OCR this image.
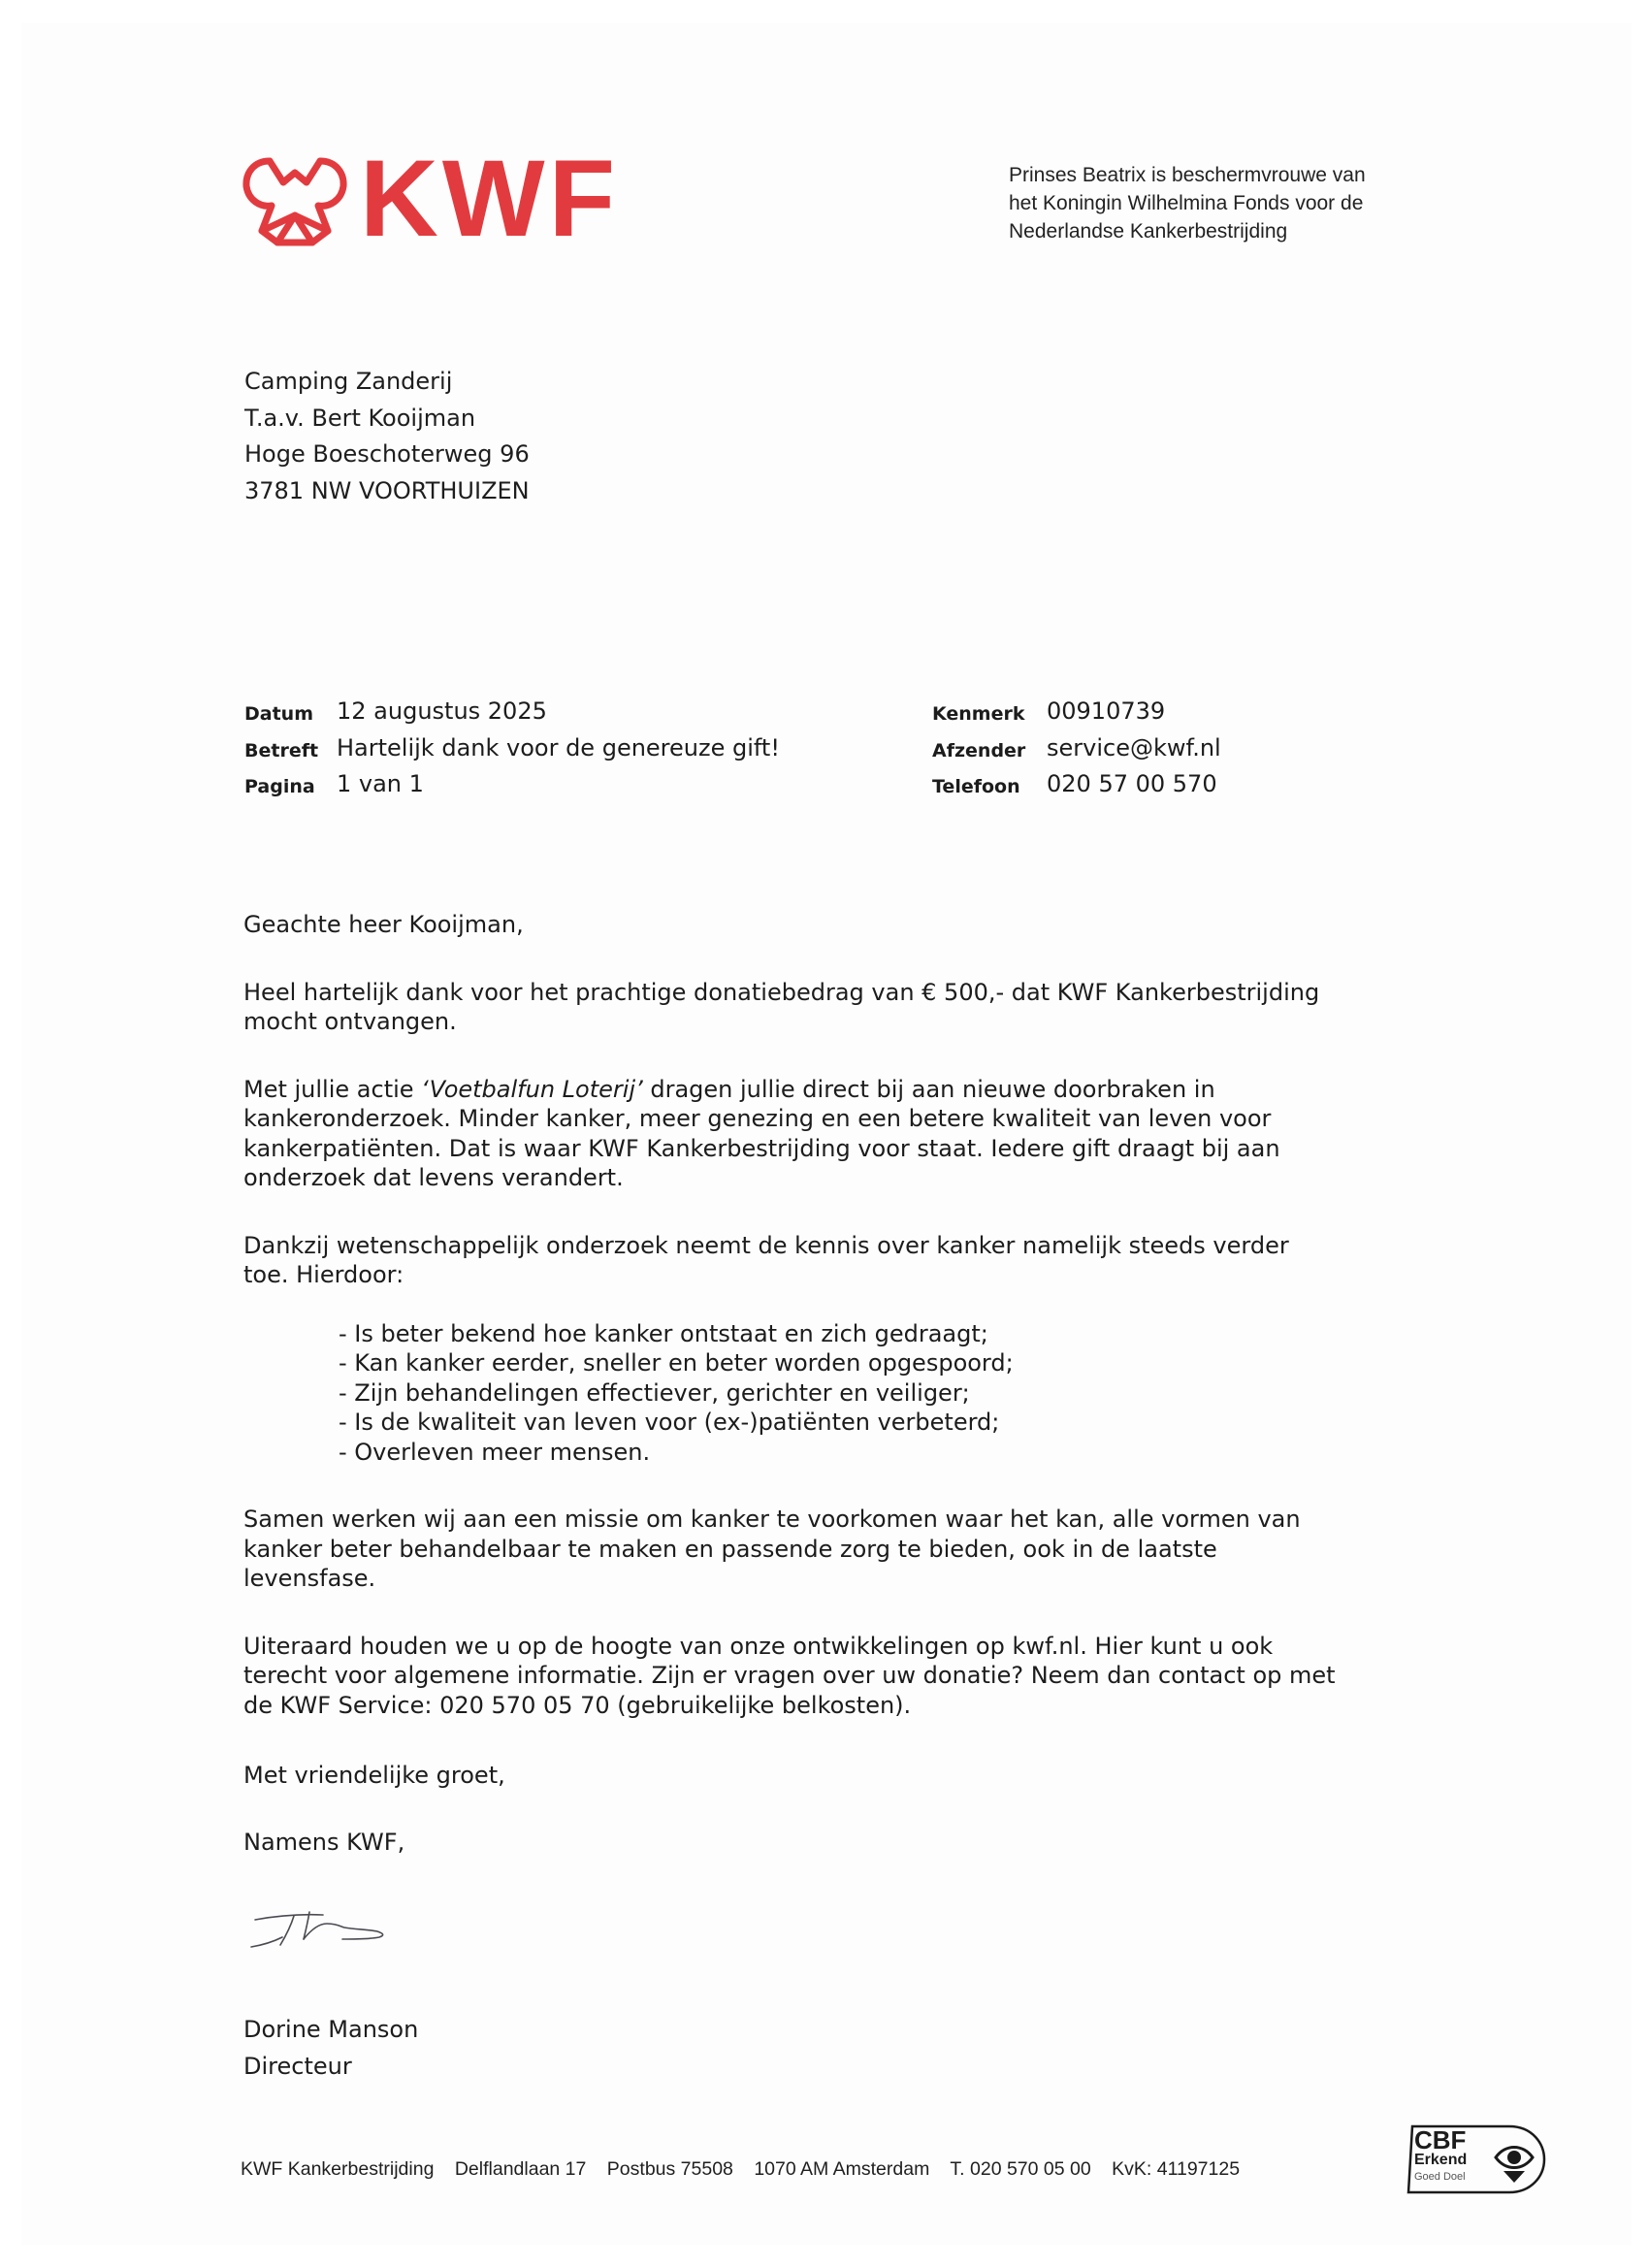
KWF	Prinses Beatrix is beschermvrouwe van
het Koningin Wilhelmina Fonds voor de
Nederlandse Kankerbestrijding
Camping Zanderij
T.a.v. Bert Kooijman
Hoge Boeschoterweg 96
3781 NW VOORTHUIZEN
Datum 12 augustus 2025
Betreft Hartelijk dank voor de genereuze gift!
Pagina 1 van 1
Kenmerk 00910739
Afzender service@kwf.nl
Telefoon 020 57 00 570

Geachte heer Kooijman,

Heel hartelijk dank voor het prachtige donatiebedrag van € 500,- dat KWF Kankerbestrijding

mocht ontvangen.

Met jullie actie ‘Voetbalfun Loterij’ dragen jullie direct bij aan nieuwe doorbraken in

kankeronderzoek. Minder kanker, meer genezing en een betere kwaliteit van leven voor

kankerpatiënten. Dat is waar KWF Kankerbestrijding voor staat. Iedere gift draagt bij aan

onderzoek dat levens verandert.

Dankzij wetenschappelijk onderzoek neemt de kennis over kanker namelijk steeds verder

toe. Hierdoor:

- Is beter bekend hoe kanker ontstaat en zich gedraagt;
- Kan kanker eerder, sneller en beter worden opgespoord;
- Zijn behandelingen effectiever, gerichter en veiliger;
- Is de kwaliteit van leven voor (ex-)patiënten verbeterd;
- Overleven meer mensen.

Samen werken wij aan een missie om kanker te voorkomen waar het kan, alle vormen van

kanker beter behandelbaar te maken en passende zorg te bieden, ook in de laatste

levensfase.

Uiteraard houden we u op de hoogte van onze ontwikkelingen op kwf.nl. Hier kunt u ook

terecht voor algemene informatie. Zijn er vragen over uw donatie? Neem dan contact op met

de KWF Service: 020 570 05 70 (gebruikelijke belkosten).

Met vriendelijke groet,

Namens KWF,

Dorine Manson
Directeur
KWF Kankerbestrijding Delflandlaan 17 Postbus 75508 1070 AM Amsterdam T. 020 570 05 00 KvK: 41197125
CBF
Erkend
Goed Doel
